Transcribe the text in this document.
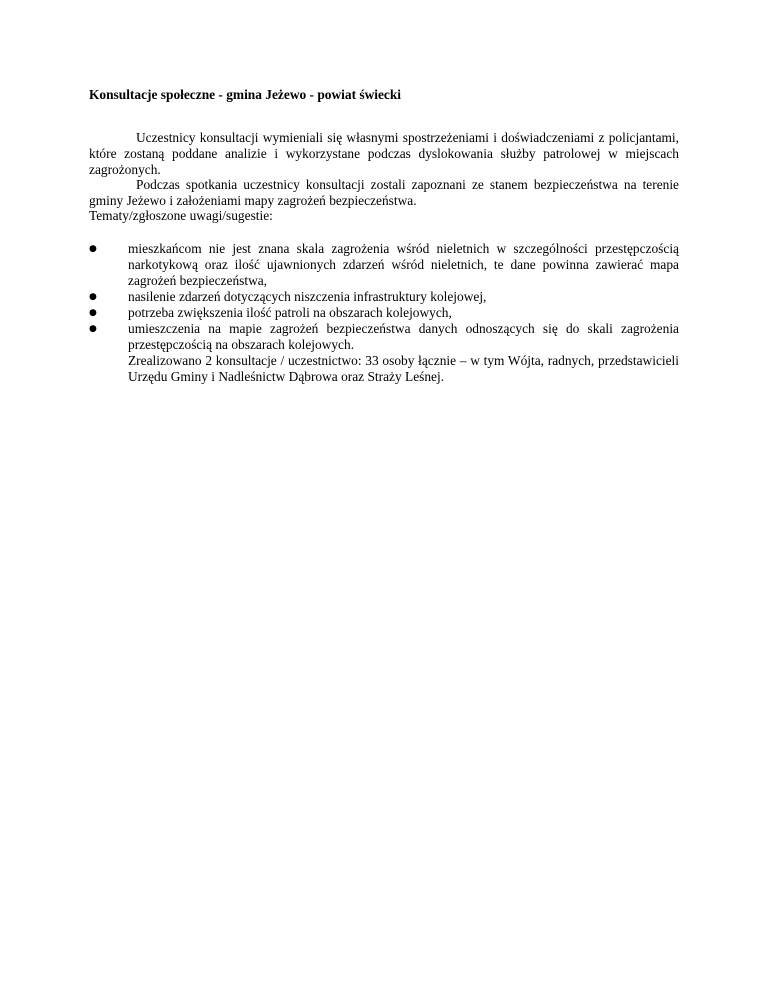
Konsultacje społeczne - gmina Jeżewo - powiat świecki
Uczestnicy konsultacji wymieniali się własnymi spostrzeżeniami i doświadczeniami z policjantami, które zostaną poddane analizie i wykorzystane podczas dyslokowania służby patrolowej w miejscach zagrożonych.
Podczas spotkania uczestnicy konsultacji zostali zapoznani ze stanem bezpieczeństwa na terenie gminy Jeżewo i założeniami mapy zagrożeń bezpieczeństwa.
Tematy/zgłoszone uwagi/sugestie:
● mieszkańcom nie jest znana skala zagrożenia wśród nieletnich w szczególności przestępczością narkotykową oraz ilość ujawnionych zdarzeń wśród nieletnich, te dane powinna zawierać mapa zagrożeń bezpieczeństwa,
● nasilenie zdarzeń dotyczących niszczenia infrastruktury kolejowej,
● potrzeba zwiększenia ilość patroli na obszarach kolejowych,
● umieszczenia na mapie zagrożeń bezpieczeństwa danych odnoszących się do skali zagrożenia przestępczością na obszarach kolejowych.
Zrealizowano 2 konsultacje / uczestnictwo: 33 osoby łącznie – w tym Wójta, radnych, przedstawicieli Urzędu Gminy i Nadleśnictw Dąbrowa oraz Straży Leśnej.
